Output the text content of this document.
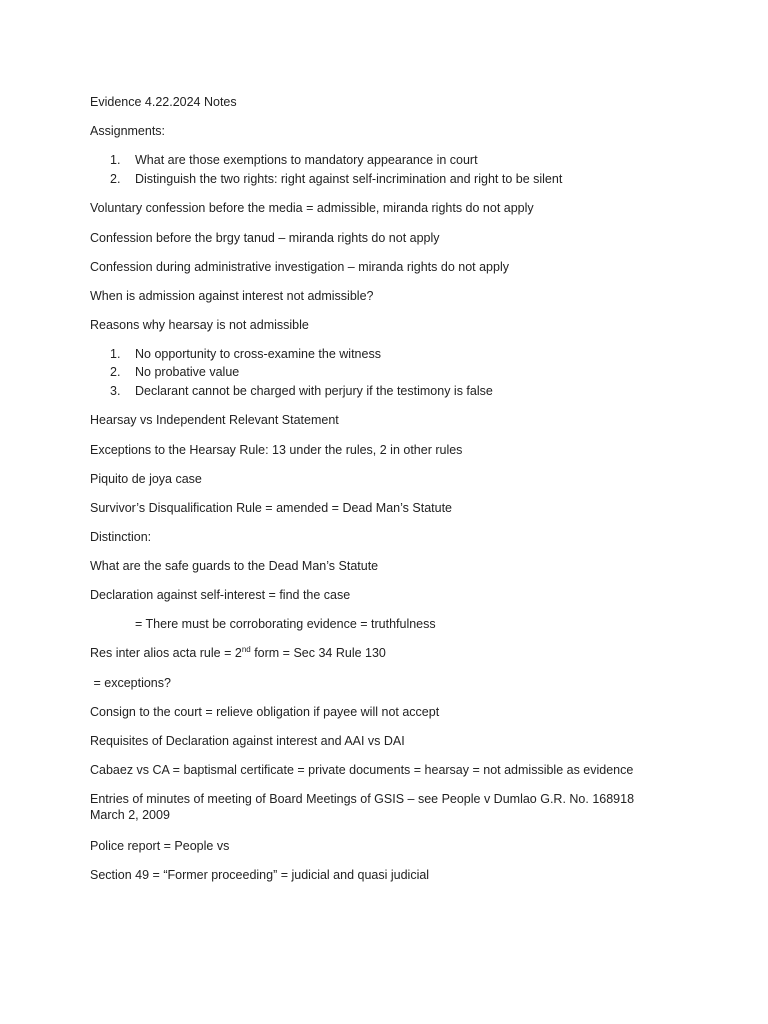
Evidence 4.22.2024 Notes
Assignments:
1. What are those exemptions to mandatory appearance in court
2. Distinguish the two rights: right against self-incrimination and right to be silent
Voluntary confession before the media = admissible, miranda rights do not apply
Confession before the brgy tanud – miranda rights do not apply
Confession during administrative investigation – miranda rights do not apply
When is admission against interest not admissible?
Reasons why hearsay is not admissible
1. No opportunity to cross-examine the witness
2. No probative value
3. Declarant cannot be charged with perjury if the testimony is false
Hearsay vs Independent Relevant Statement
Exceptions to the Hearsay Rule: 13 under the rules, 2 in other rules
Piquito de joya case
Survivor’s Disqualification Rule = amended = Dead Man’s Statute
Distinction:
What are the safe guards to the Dead Man’s Statute
Declaration against self-interest = find the case
= There must be corroborating evidence = truthfulness
Res inter alios acta rule = 2nd form = Sec 34 Rule 130
= exceptions?
Consign to the court = relieve obligation if payee will not accept
Requisites of Declaration against interest and AAI vs DAI
Cabaez vs CA = baptismal certificate = private documents = hearsay = not admissible as evidence
Entries of minutes of meeting of Board Meetings of GSIS – see People v Dumlao G.R. No. 168918 March 2, 2009
Police report = People vs
Section 49 = “Former proceeding” = judicial and quasi judicial
